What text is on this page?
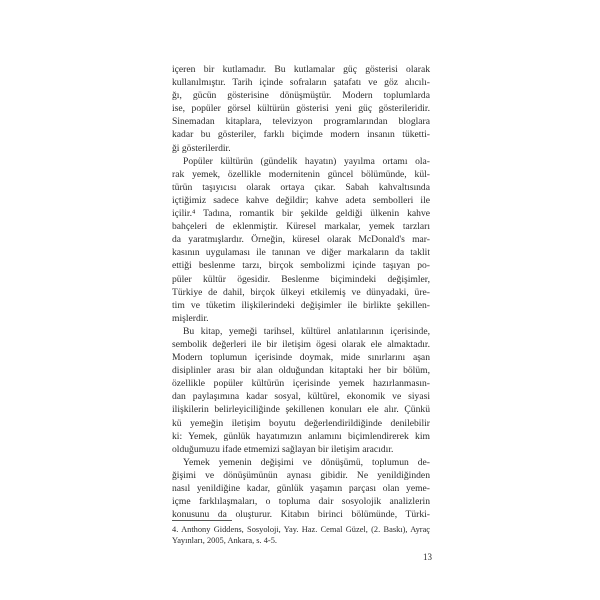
içeren bir kutlamadır. Bu kutlamalar güç gösterisi olarak
kullanılmıştır. Tarih içinde sofraların şatafatı ve göz alıcılı-
ğı, gücün gösterisine dönüşmüştür. Modern toplumlarda
ise, popüler görsel kültürün gösterisi yeni güç gösterileridir.
Sinemadan kitaplara, televizyon programlarından bloglara
kadar bu gösteriler, farklı biçimde modern insanın tüketti-
ği gösterilerdir.
Popüler kültürün (gündelik hayatın) yayılma ortamı ola-
rak yemek, özellikle modernitenin güncel bölümünde, kül-
türün taşıyıcısı olarak ortaya çıkar. Sabah kahvaltısında
içtiğimiz sadece kahve değildir; kahve adeta sembolleri ile
içilir.⁴ Tadına, romantik bir şekilde geldiği ülkenin kahve
bahçeleri de eklenmiştir. Küresel markalar, yemek tarzları
da yaratmışlardır. Örneğin, küresel olarak McDonald's mar-
kasının uygulaması ile tanınan ve diğer markaların da taklit
ettiği beslenme tarzı, birçok sembolizmi içinde taşıyan po-
püler kültür ögesidir. Beslenme biçimindeki değişimler,
Türkiye de dahil, birçok ülkeyi etkilemiş ve dünyadaki, üre-
tim ve tüketim ilişkilerindeki değişimler ile birlikte şekillen-
mişlerdir.
Bu kitap, yemeği tarihsel, kültürel anlatılarının içerisinde,
sembolik değerleri ile bir iletişim ögesi olarak ele almaktadır.
Modern toplumun içerisinde doymak, mide sınırlarını aşan
disiplinler arası bir alan olduğundan kitaptaki her bir bölüm,
özellikle popüler kültürün içerisinde yemek hazırlanmasın-
dan paylaşımına kadar sosyal, kültürel, ekonomik ve siyasi
ilişkilerin belirleyiciliğinde şekillenen konuları ele alır. Çünkü
kü yemeğin iletişim boyutu değerlendirildiğinde denilebilir
ki: Yemek, günlük hayatımızın anlamını biçimlendirerek kim
olduğumuzu ifade etmemizi sağlayan bir iletişim aracıdır.
Yemek yemenin değişimi ve dönüşümü, toplumun de-
ğişimi ve dönüşümünün aynası gibidir. Ne yenildiğinden
nasıl yenildiğine kadar, günlük yaşamın parçası olan yeme-
içme farklılaşmaları, o topluma dair sosyolojik analizlerin
konusunu da oluşturur. Kitabın birinci bölümünde, Türki-
4. Anthony Giddens, Sosyoloji, Yay. Haz. Cemal Güzel, (2. Baskı), Ayraç
Yayınları, 2005, Ankara, s. 4-5.
13
